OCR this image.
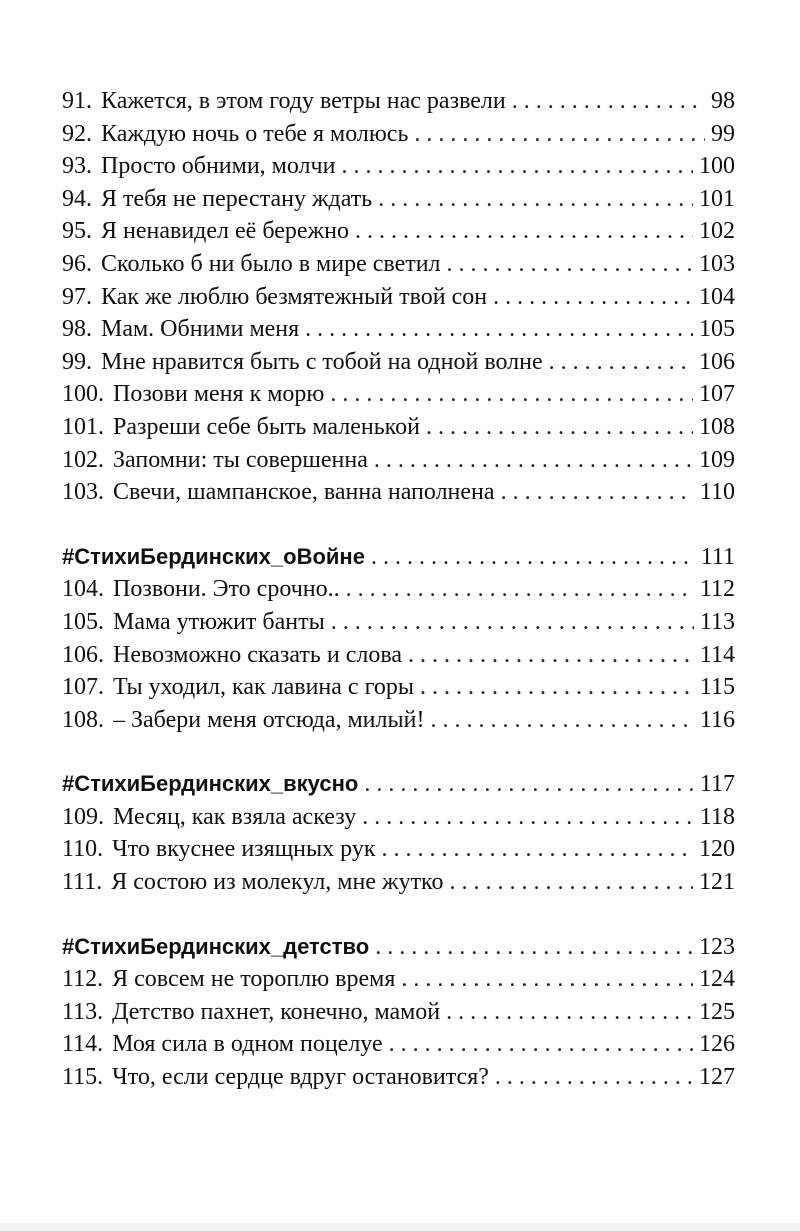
91. Кажется, в этом году ветры нас развели . . .	98
92. Каждую ночь о тебе я молюсь . . .	99
93. Просто обними, молчи . . .	100
94. Я тебя не перестану ждать . . .	101
95. Я ненавидел её бережно . . .	102
96. Сколько б ни было в мире светил . . .	103
97. Как же люблю безмятежный твой сон . . .	104
98. Мам. Обними меня . . .	105
99. Мне нравится быть с тобой на одной волне . . .	106
100. Позови меня к морю . . .	107
101. Разреши себе быть маленькой . . .	108
102. Запомни: ты совершенна . . .	109
103. Свечи, шампанское, ванна наполнена . . .	110
#СтихиБердинских_оВойне . . .	111
104. Позвони. Это срочно.. . . .	112
105. Мама утюжит банты . . .	113
106. Невозможно сказать и слова . . .	114
107. Ты уходил, как лавина с горы . . .	115
108. – Забери меня отсюда, милый! . . .	116
#СтихиБердинских_вкусно . . .	117
109. Месяц, как взяла аскезу . . .	118
110. Что вкуснее изящных рук . . .	120
111. Я состою из молекул, мне жутко . . .	121
#СтихиБердинских_детство . . .	123
112. Я совсем не тороплю время . . .	124
113. Детство пахнет, конечно, мамой . . .	125
114. Моя сила в одном поцелуе . . .	126
115. Что, если сердце вдруг остановится? . . .	127
